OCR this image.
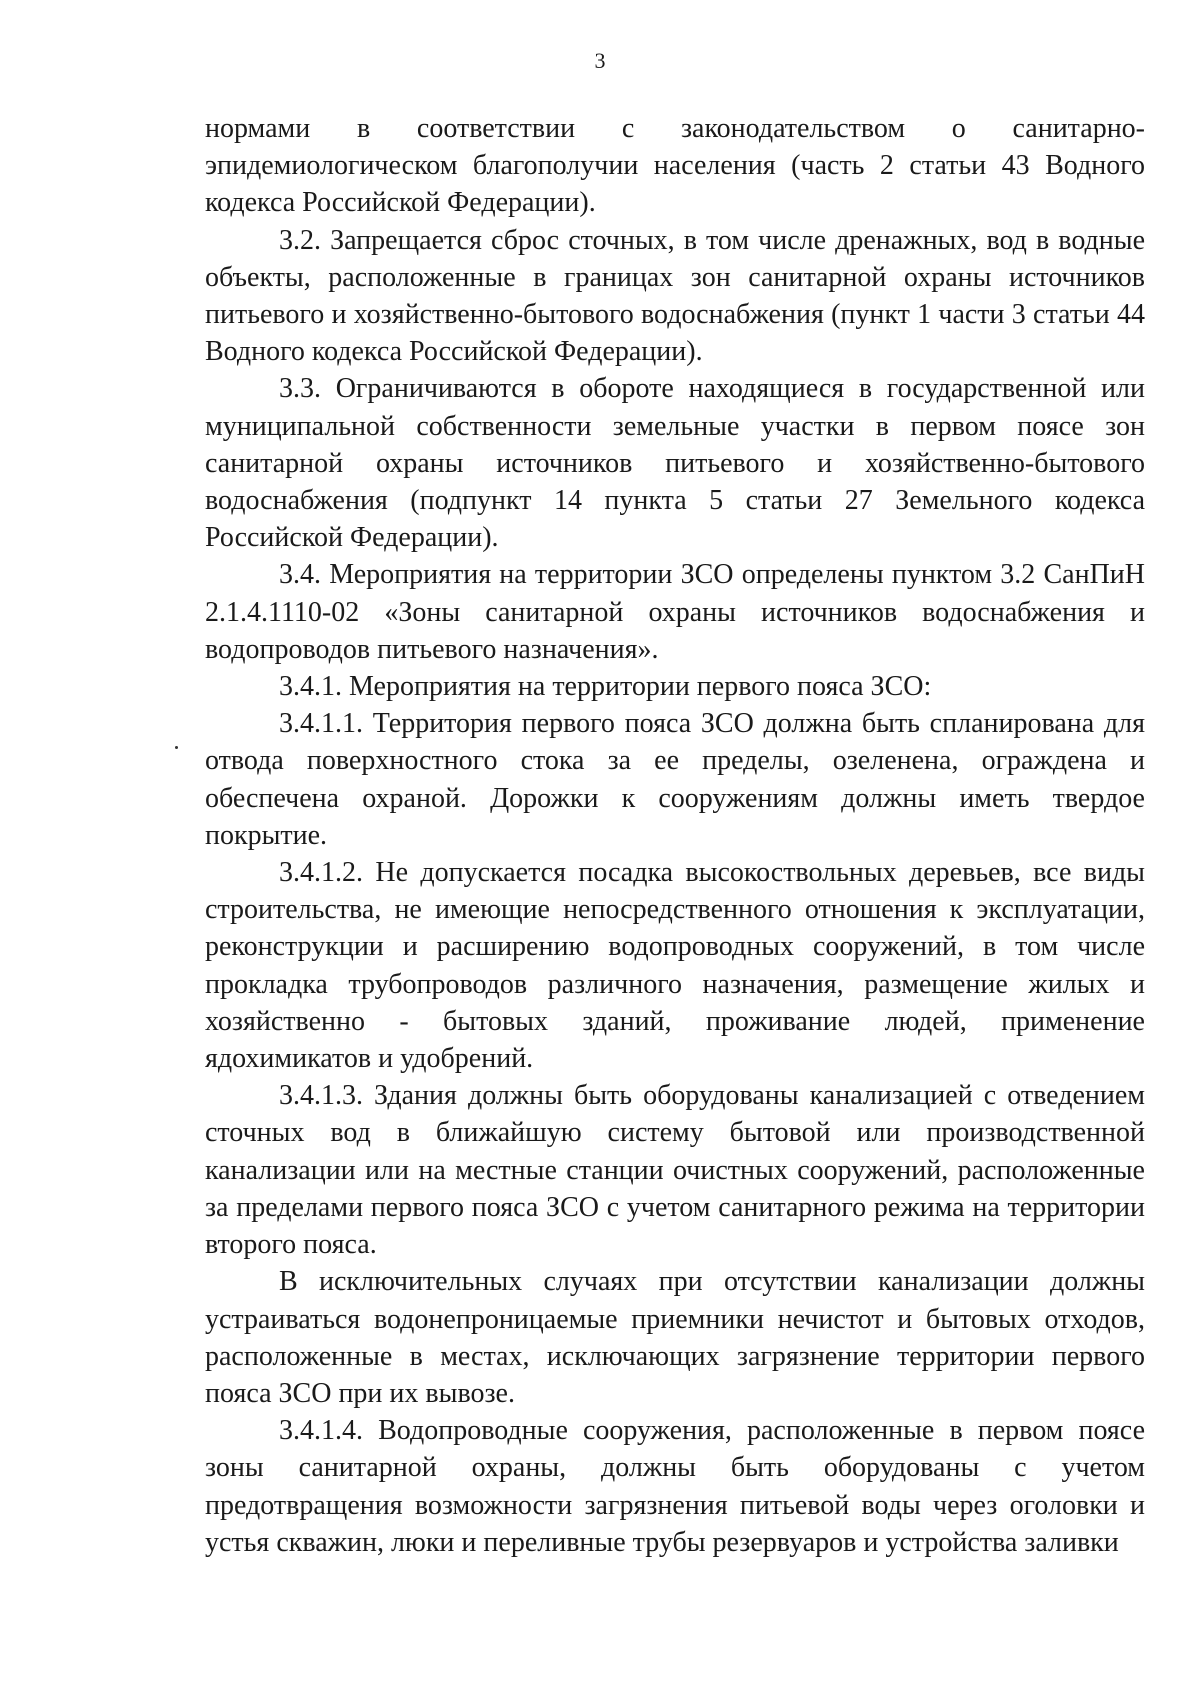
3

нормами в соответствии с законодательством о санитарно-эпидемиологическом благополучии населения (часть 2 статьи 43 Водного кодекса Российской Федерации).

3.2. Запрещается сброс сточных, в том числе дренажных, вод в водные объекты, расположенные в границах зон санитарной охраны источников питьевого и хозяйственно-бытового водоснабжения (пункт 1 части 3 статьи 44 Водного кодекса Российской Федерации).

3.3. Ограничиваются в обороте находящиеся в государственной или муниципальной собственности земельные участки в первом поясе зон санитарной охраны источников питьевого и хозяйственно-бытового водоснабжения (подпункт 14 пункта 5 статьи 27 Земельного кодекса Российской Федерации).

3.4. Мероприятия на территории ЗСО определены пунктом 3.2 СанПиН 2.1.4.1110-02 «Зоны санитарной охраны источников водоснабжения и водопроводов питьевого назначения».

3.4.1. Мероприятия на территории первого пояса ЗСО:

3.4.1.1. Территория первого пояса ЗСО должна быть спланирована для отвода поверхностного стока за ее пределы, озеленена, ограждена и обеспечена охраной. Дорожки к сооружениям должны иметь твердое покрытие.

3.4.1.2. Не допускается посадка высокоствольных деревьев, все виды строительства, не имеющие непосредственного отношения к эксплуатации, реконструкции и расширению водопроводных сооружений, в том числе прокладка трубопроводов различного назначения, размещение жилых и хозяйственно - бытовых зданий, проживание людей, применение ядохимикатов и удобрений.

3.4.1.3. Здания должны быть оборудованы канализацией с отведением сточных вод в ближайшую систему бытовой или производственной канализации или на местные станции очистных сооружений, расположенные за пределами первого пояса ЗСО с учетом санитарного режима на территории второго пояса.

В исключительных случаях при отсутствии канализации должны устраиваться водонепроницаемые приемники нечистот и бытовых отходов, расположенные в местах, исключающих загрязнение территории первого пояса ЗСО при их вывозе.

3.4.1.4. Водопроводные сооружения, расположенные в первом поясе зоны санитарной охраны, должны быть оборудованы с учетом предотвращения возможности загрязнения питьевой воды через оголовки и устья скважин, люки и переливные трубы резервуаров и устройства заливки
